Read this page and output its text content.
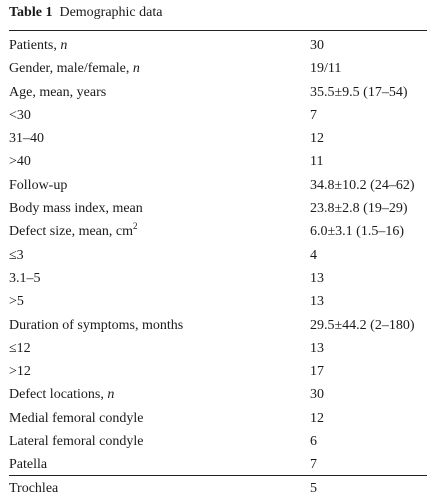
Table 1 Demographic data
Patients, n	30
Gender, male/female, n	19/11
Age, mean, years	35.5±9.5 (17–54)
<30	7
31–40	12
>40	11
Follow-up	34.8±10.2 (24–62)
Body mass index, mean	23.8±2.8 (19–29)
Defect size, mean, $cm^2$	6.0±3.1 (1.5–16)
≤3	4
3.1–5	13
>5	13
Duration of symptoms, months	29.5±44.2 (2–180)
≤12	13
>12	17
Defect locations, n	30
Medial femoral condyle	12
Lateral femoral condyle	6
Patella	7
Trochlea	5
